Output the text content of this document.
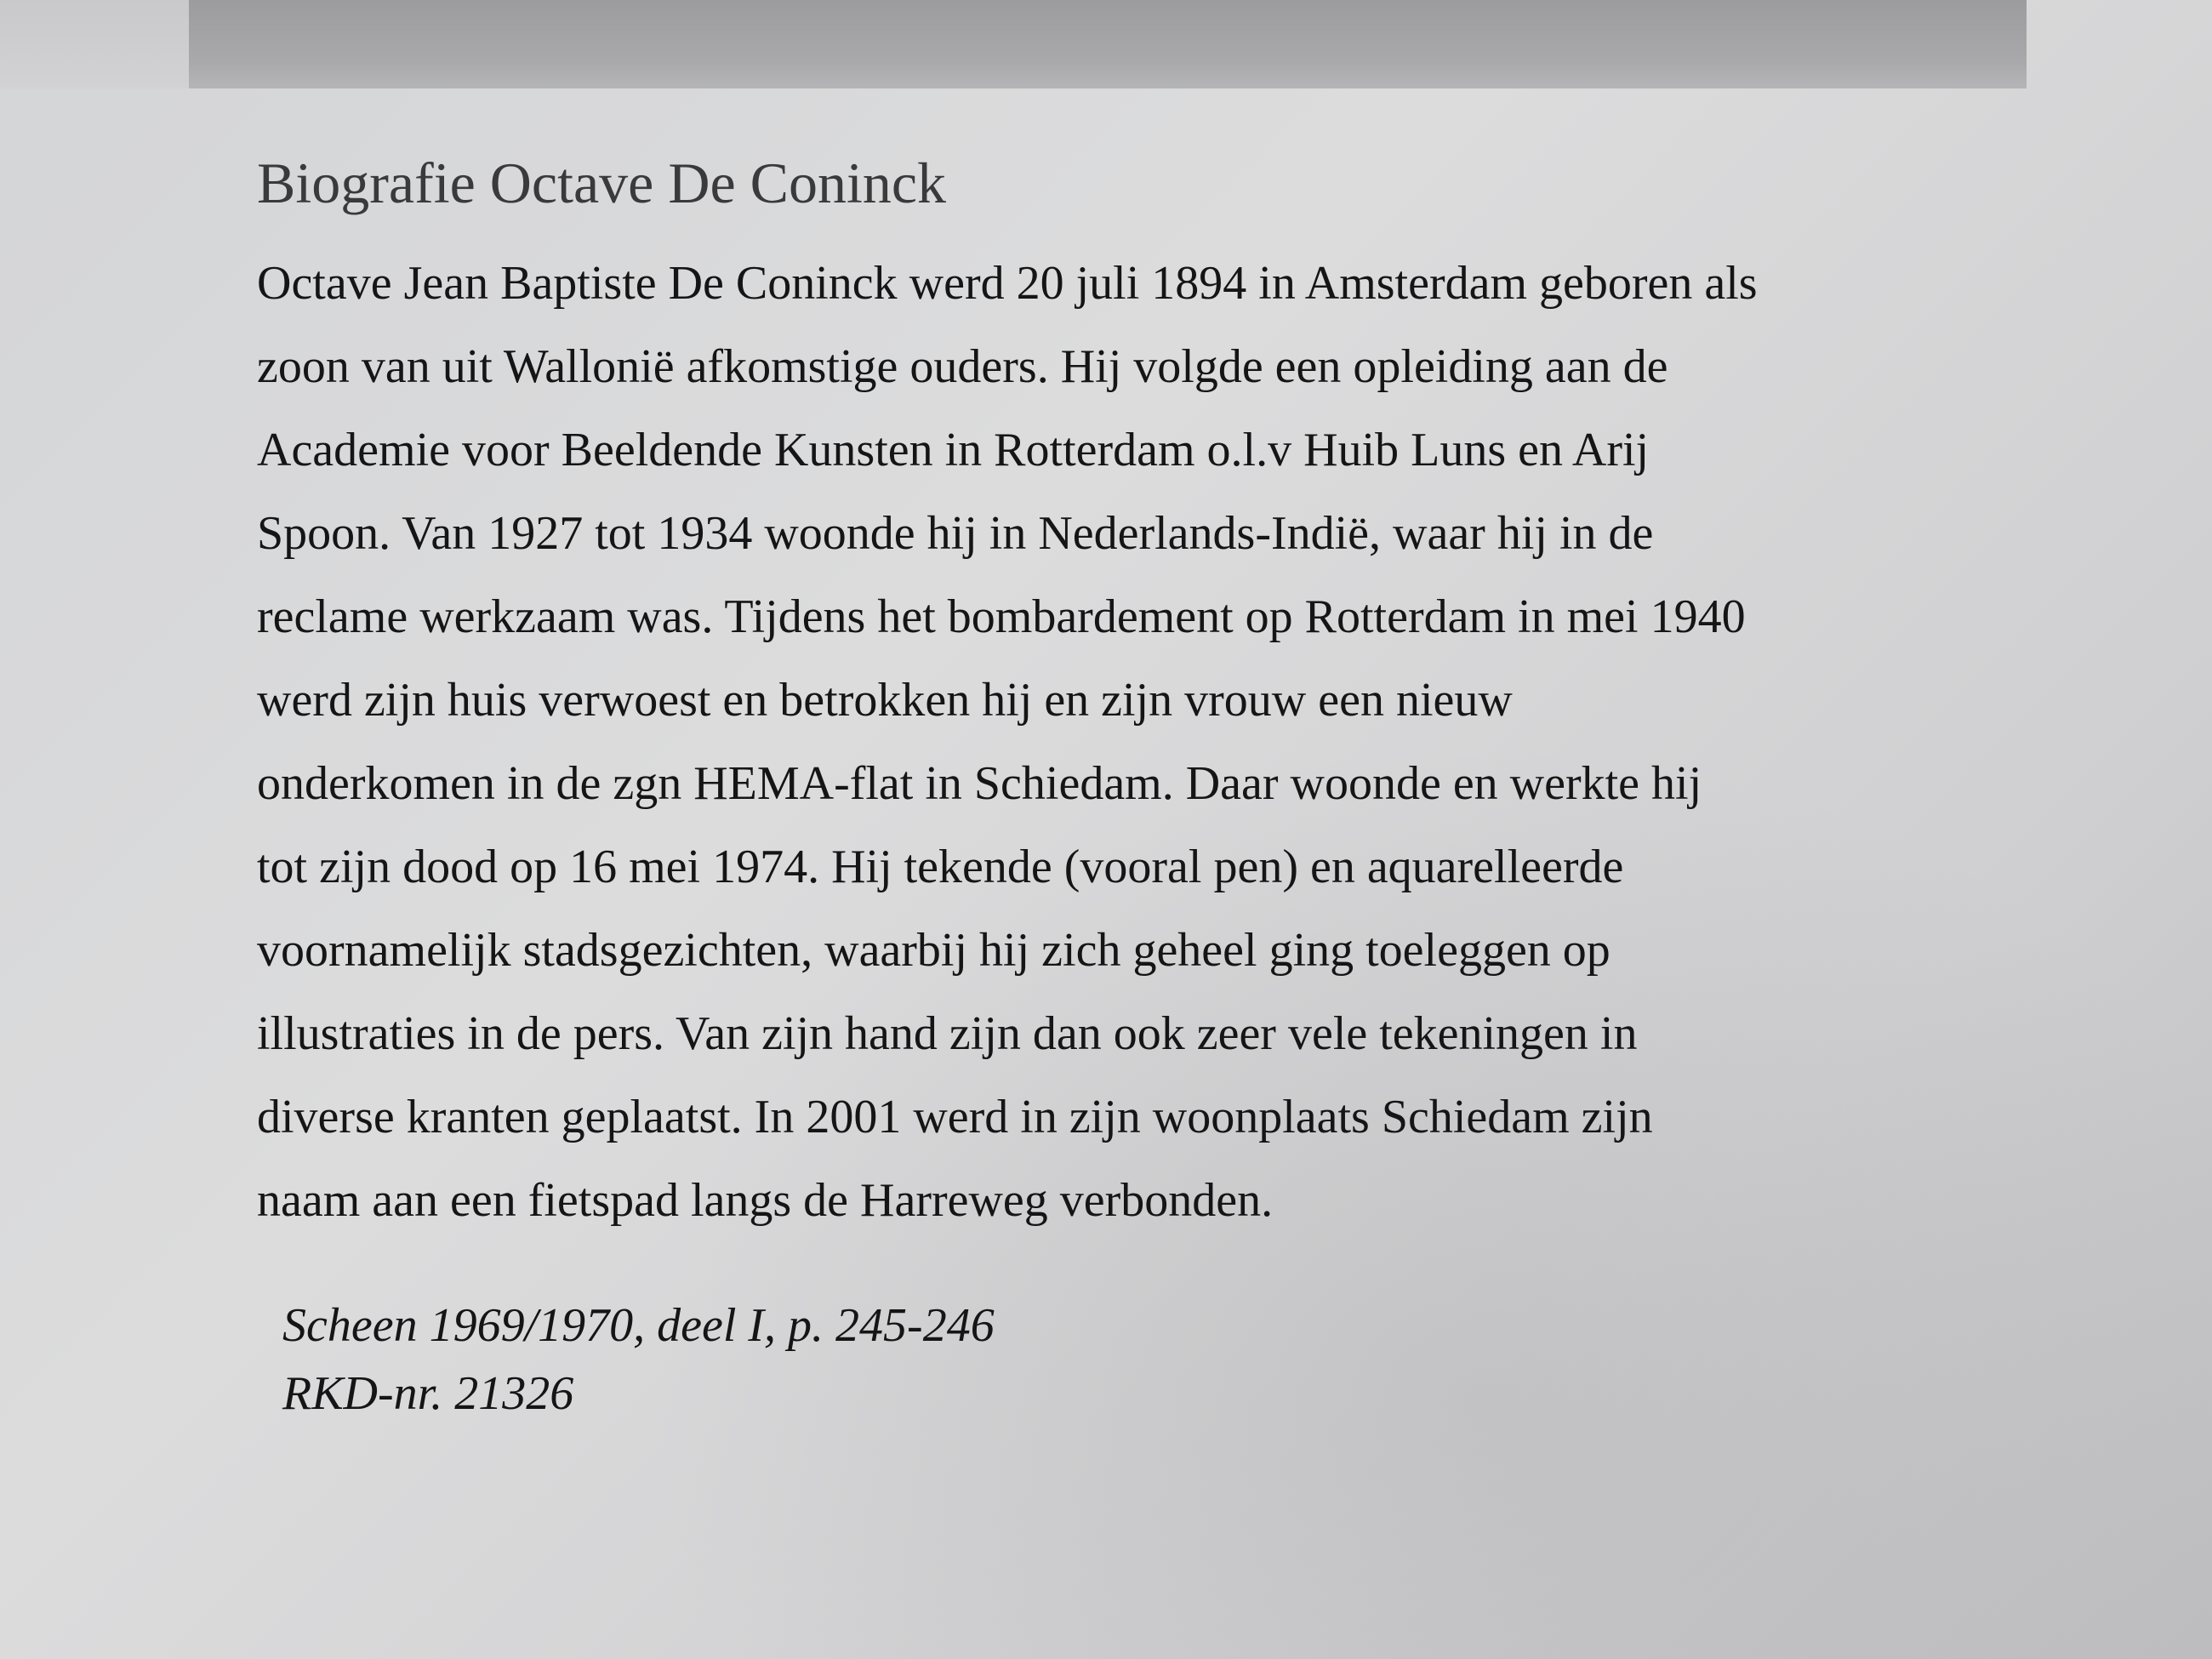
Biografie Octave De Coninck

Octave Jean Baptiste De Coninck werd 20 juli 1894 in Amsterdam geboren als
zoon van uit Wallonië afkomstige ouders. Hij volgde een opleiding aan de
Academie voor Beeldende Kunsten in Rotterdam o.l.v Huib Luns en Arij
Spoon. Van 1927 tot 1934 woonde hij in Nederlands-Indië, waar hij in de
reclame werkzaam was. Tijdens het bombardement op Rotterdam in mei 1940
werd zijn huis verwoest en betrokken hij en zijn vrouw een nieuw
onderkomen in de zgn HEMA-flat in Schiedam. Daar woonde en werkte hij
tot zijn dood op 16 mei 1974. Hij tekende (vooral pen) en aquarelleerde
voornamelijk stadsgezichten, waarbij hij zich geheel ging toeleggen op
illustraties in de pers. Van zijn hand zijn dan ook zeer vele tekeningen in
diverse kranten geplaatst. In 2001 werd in zijn woonplaats Schiedam zijn
naam aan een fietspad langs de Harreweg verbonden.

Scheen 1969/1970, deel I, p. 245-246
RKD-nr. 21326
